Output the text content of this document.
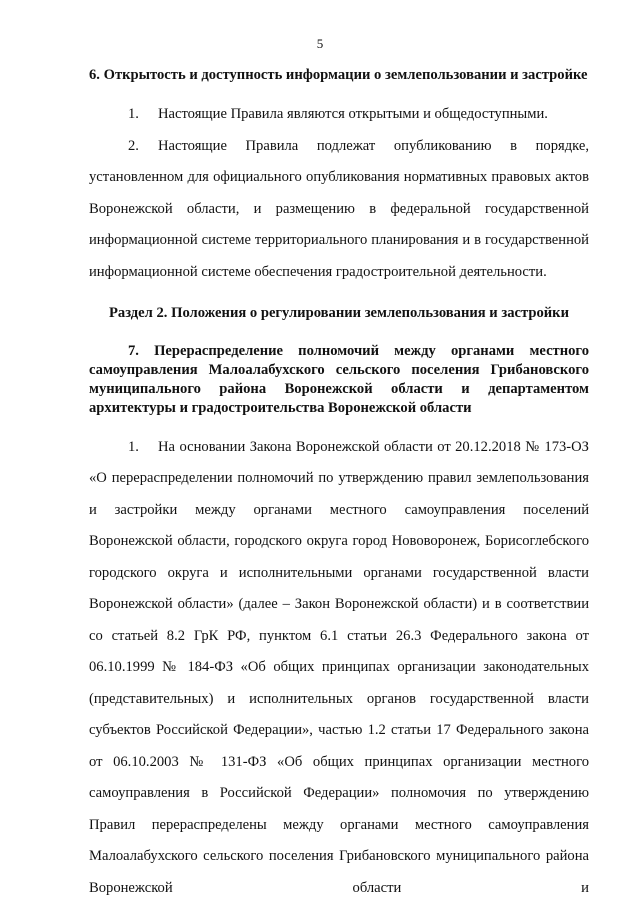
5

6. Открытость и доступность информации о землепользовании и застройке

1. Настоящие Правила являются открытыми и общедоступными.

2. Настоящие Правила подлежат опубликованию в порядке, установленном для официального опубликования нормативных правовых актов Воронежской области, и размещению в федеральной государственной информационной системе территориального планирования и в государственной информационной системе обеспечения градостроительной деятельности.

Раздел 2. Положения о регулировании землепользования и застройки

7. Перераспределение полномочий между органами местного самоуправления Малоалабухского сельского поселения Грибановского муниципального района Воронежской области и департаментом архитектуры и градостроительства Воронежской области

1. На основании Закона Воронежской области от 20.12.2018 № 173-ОЗ «О перераспределении полномочий по утверждению правил землепользования и застройки между органами местного самоуправления поселений Воронежской области, городского округа город Нововоронеж, Борисоглебского городского округа и исполнительными органами государственной власти Воронежской области» (далее – Закон Воронежской области) и в соответствии со статьей 8.2 ГрК РФ, пунктом 6.1 статьи 26.3 Федерального закона от 06.10.1999 № 184-ФЗ «Об общих принципах организации законодательных (представительных) и исполнительных органов государственной власти субъектов Российской Федерации», частью 1.2 статьи 17 Федерального закона от 06.10.2003 № 131-ФЗ «Об общих принципах организации местного самоуправления в Российской Федерации» полномочия по утверждению Правил перераспределены между органами местного самоуправления Малоалабухского сельского поселения Грибановского муниципального района Воронежской области и
